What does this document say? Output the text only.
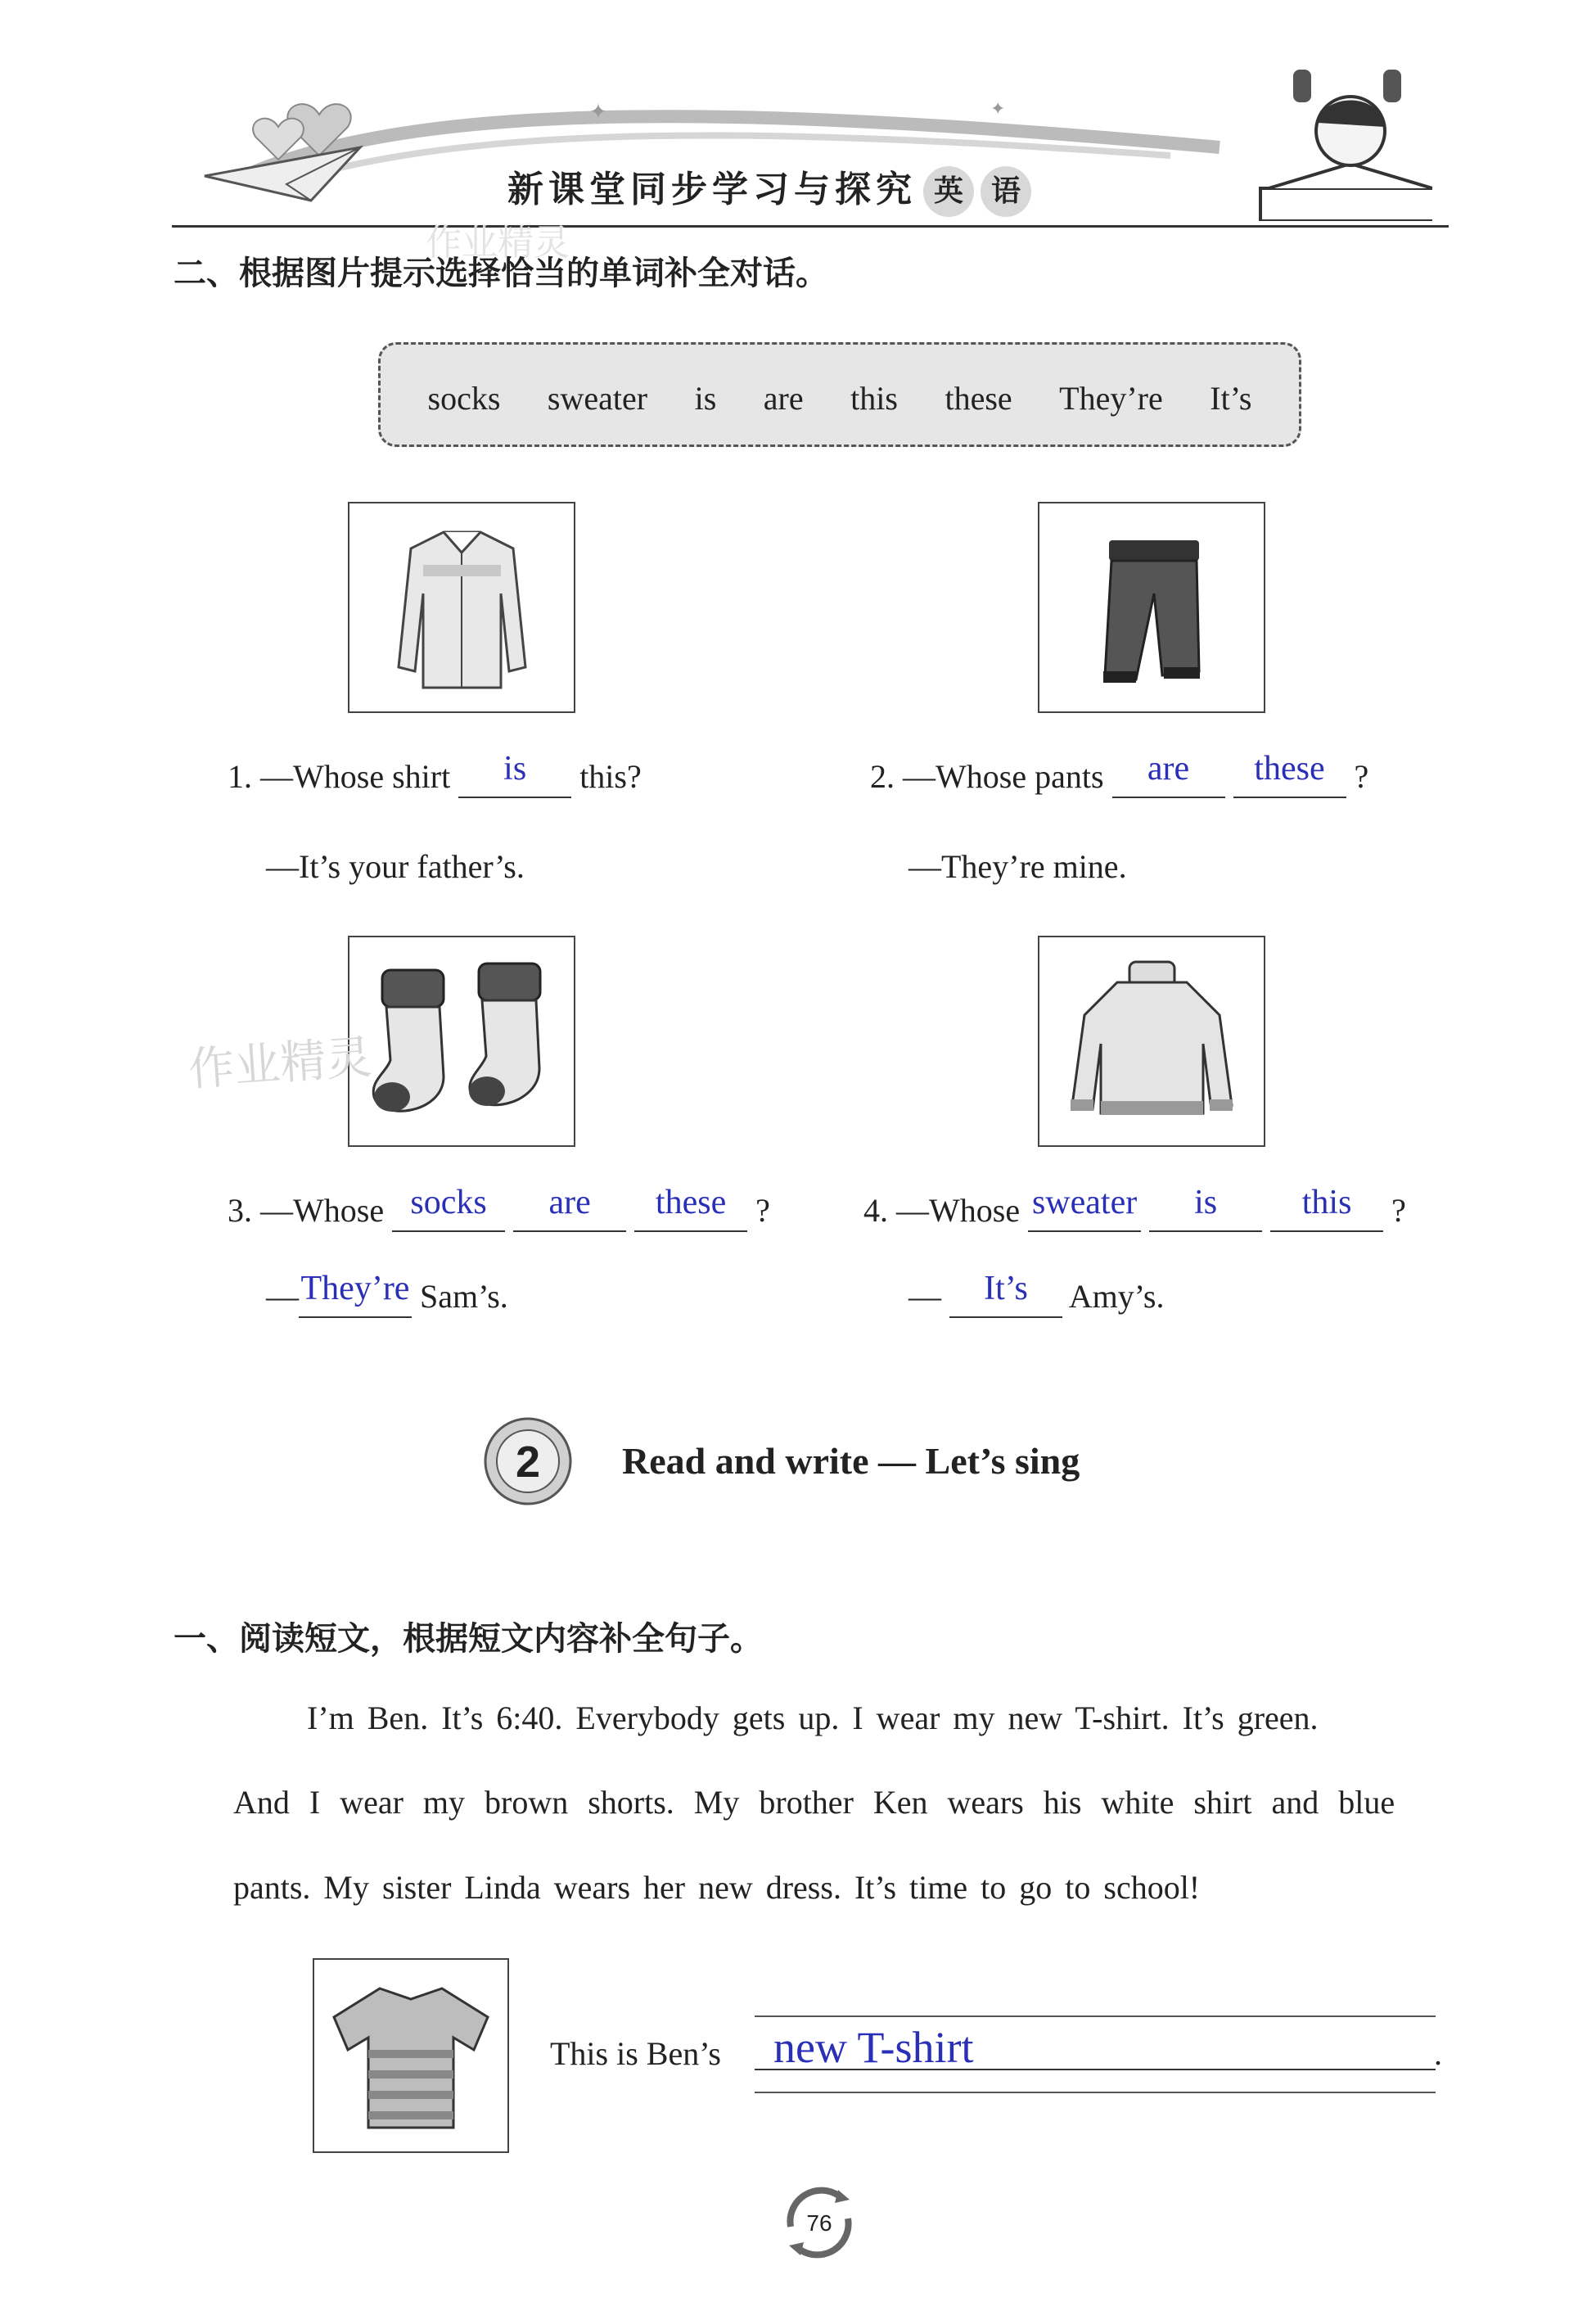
✦	✦
新课堂同步学习与探究 英 语
二、根据图片提示选择恰当的单词补全对话。
socks sweater is are this these They’re It’s
1. —Whose shirt is this?
—It’s your father’s.
2. —Whose pants are these ?
—They’re mine.
3. —Whose socks are these ?
—They’re Sam’s.
4. —Whose sweater is this ?
— It’s Amy’s.
2 Read and write — Let’s sing
一、阅读短文，根据短文内容补全句子。
I’m Ben. It’s 6:40. Everybody gets up. I wear my new T-shirt. It’s green.
And I wear my brown shorts. My brother Ken wears his white shirt and blue
pants. My sister Linda wears her new dress. It’s time to go to school!
This is Ben’s new T-shirt	.
作业精灵
作业精灵
76
